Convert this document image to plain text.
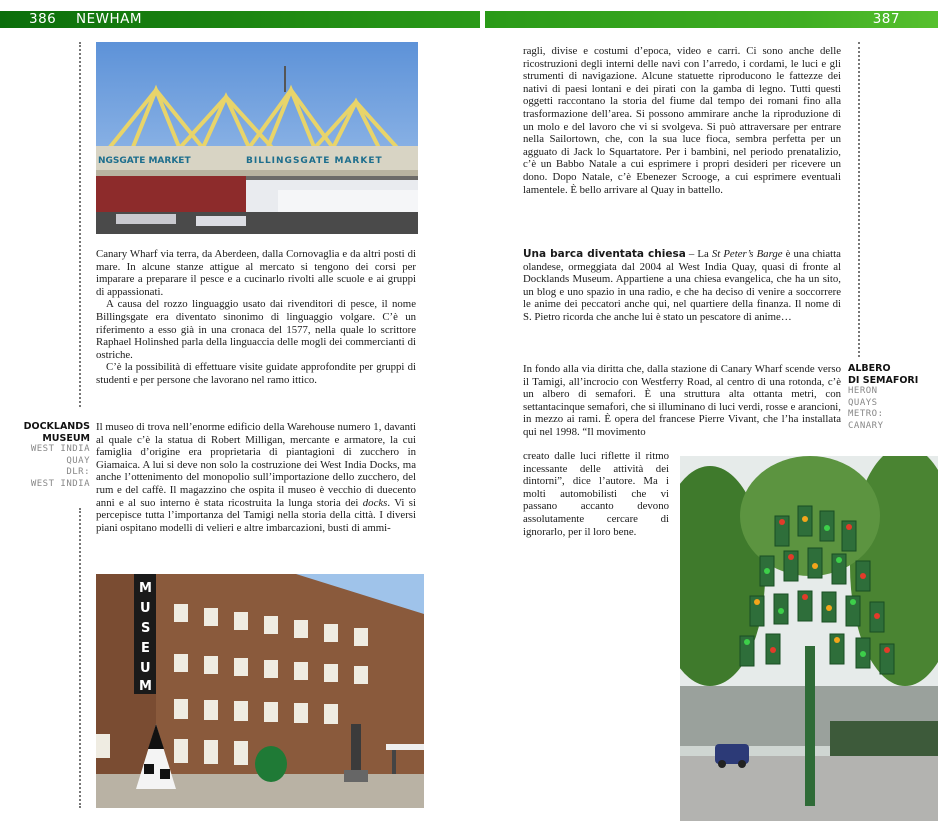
386 NEWHAM	387
NGSGATE MARKET	BILLINGSGATE MARKET

Canary Wharf via terra, da Aberdeen, dalla Cornovaglia e da altri posti di mare. In alcune stanze attigue al mercato si tengono dei corsi per imparare a preparare il pesce e a cucinarlo rivolti alle scuole e ai gruppi di appassionati.

A causa del rozzo linguaggio usato dai rivenditori di pesce, il nome Billingsgate era diventato sinonimo di linguaggio volgare. C’è un riferimento a esso già in una cronaca del 1577, nella quale lo scrittore Raphael Holinshed parla della linguaccia delle mogli dei commercianti di ostriche.

C’è la possibilità di effettuare visite guidate approfondite per gruppi di studenti e per persone che lavorano nel ramo ittico.

DOCKLANDS
MUSEUM
WEST INDIA
QUAY
DLR:
WEST INDIA

Il museo di trova nell’enorme edificio della Warehouse numero 1, davanti al quale c’è la statua di Robert Milligan, mercante e armatore, la cui famiglia d’origine era proprietaria di piantagioni di zucchero in Giamaica. A lui si deve non solo la costruzione dei West India Docks, ma anche l’ottenimento del monopolio sull’importazione dello zucchero, del rum e del caffè. Il magazzino che ospita il museo è vecchio di duecento anni e al suo interno è stata ricostruita la lunga storia dei docks. Vi si percepisce tutta l’importanza del Tamigi nella storia della città. I diversi piani ospitano modelli di velieri e altre imbarcazioni, busti di ammi-

M
U
S
E
U
M

ragli, divise e costumi d’epoca, video e carri. Ci sono anche delle ricostruzioni degli interni delle navi con l’arredo, i cordami, le luci e gli strumenti di navigazione. Alcune statuette riproducono le fattezze dei nativi di paesi lontani e dei pirati con la gamba di legno. Tutti questi oggetti raccontano la storia del fiume dal tempo dei romani fino alla trasformazione dell’area. Si possono ammirare anche la riproduzione di un molo e del lavoro che vi si svolgeva. Si può attraversare per entrare nella Sailortown, che, con la sua luce fioca, sembra perfetta per un agguato di Jack lo Squartatore. Per i bambini, nel periodo prenatalizio, c’è un Babbo Natale a cui esprimere i propri desideri per ricevere un dono. Dopo Natale, c’è Ebenezer Scrooge, a cui esprimere eventuali lamentele. È bello arrivare al Quay in battello.

Una barca diventata chiesa – La St Peter’s Barge è una chiatta olandese, ormeggiata dal 2004 al West India Quay, quasi di fronte al Docklands Museum. Appartiene a una chiesa evangelica, che ha un sito, un blog e uno spazio in una radio, e che ha deciso di venire a soccorrere le anime dei peccatori anche qui, nel quartiere della finanza. Il nome di S. Pietro ricorda che anche lui è stato un pescatore di anime…

In fondo alla via diritta che, dalla stazione di Canary Wharf scende verso il Tamigi, all’incrocio con Westferry Road, al centro di una rotonda, c’è un albero di semafori. È una struttura alta ottanta metri, con settantacinque semafori, che si illuminano di luci verdi, rosse e arancioni, in mezzo ai rami. È opera del francese Pierre Vivant, che l’ha installata qui nel 1998. “Il movimento

creato dalle luci riflette il ritmo incessante delle attività dei dintorni”, dice l’autore. Ma i molti automobilisti che vi passano accanto devono assolutamente cercare di ignorarlo, per il loro bene.

ALBERO
DI SEMAFORI
HERON
QUAYS
METRO:
CANARY
